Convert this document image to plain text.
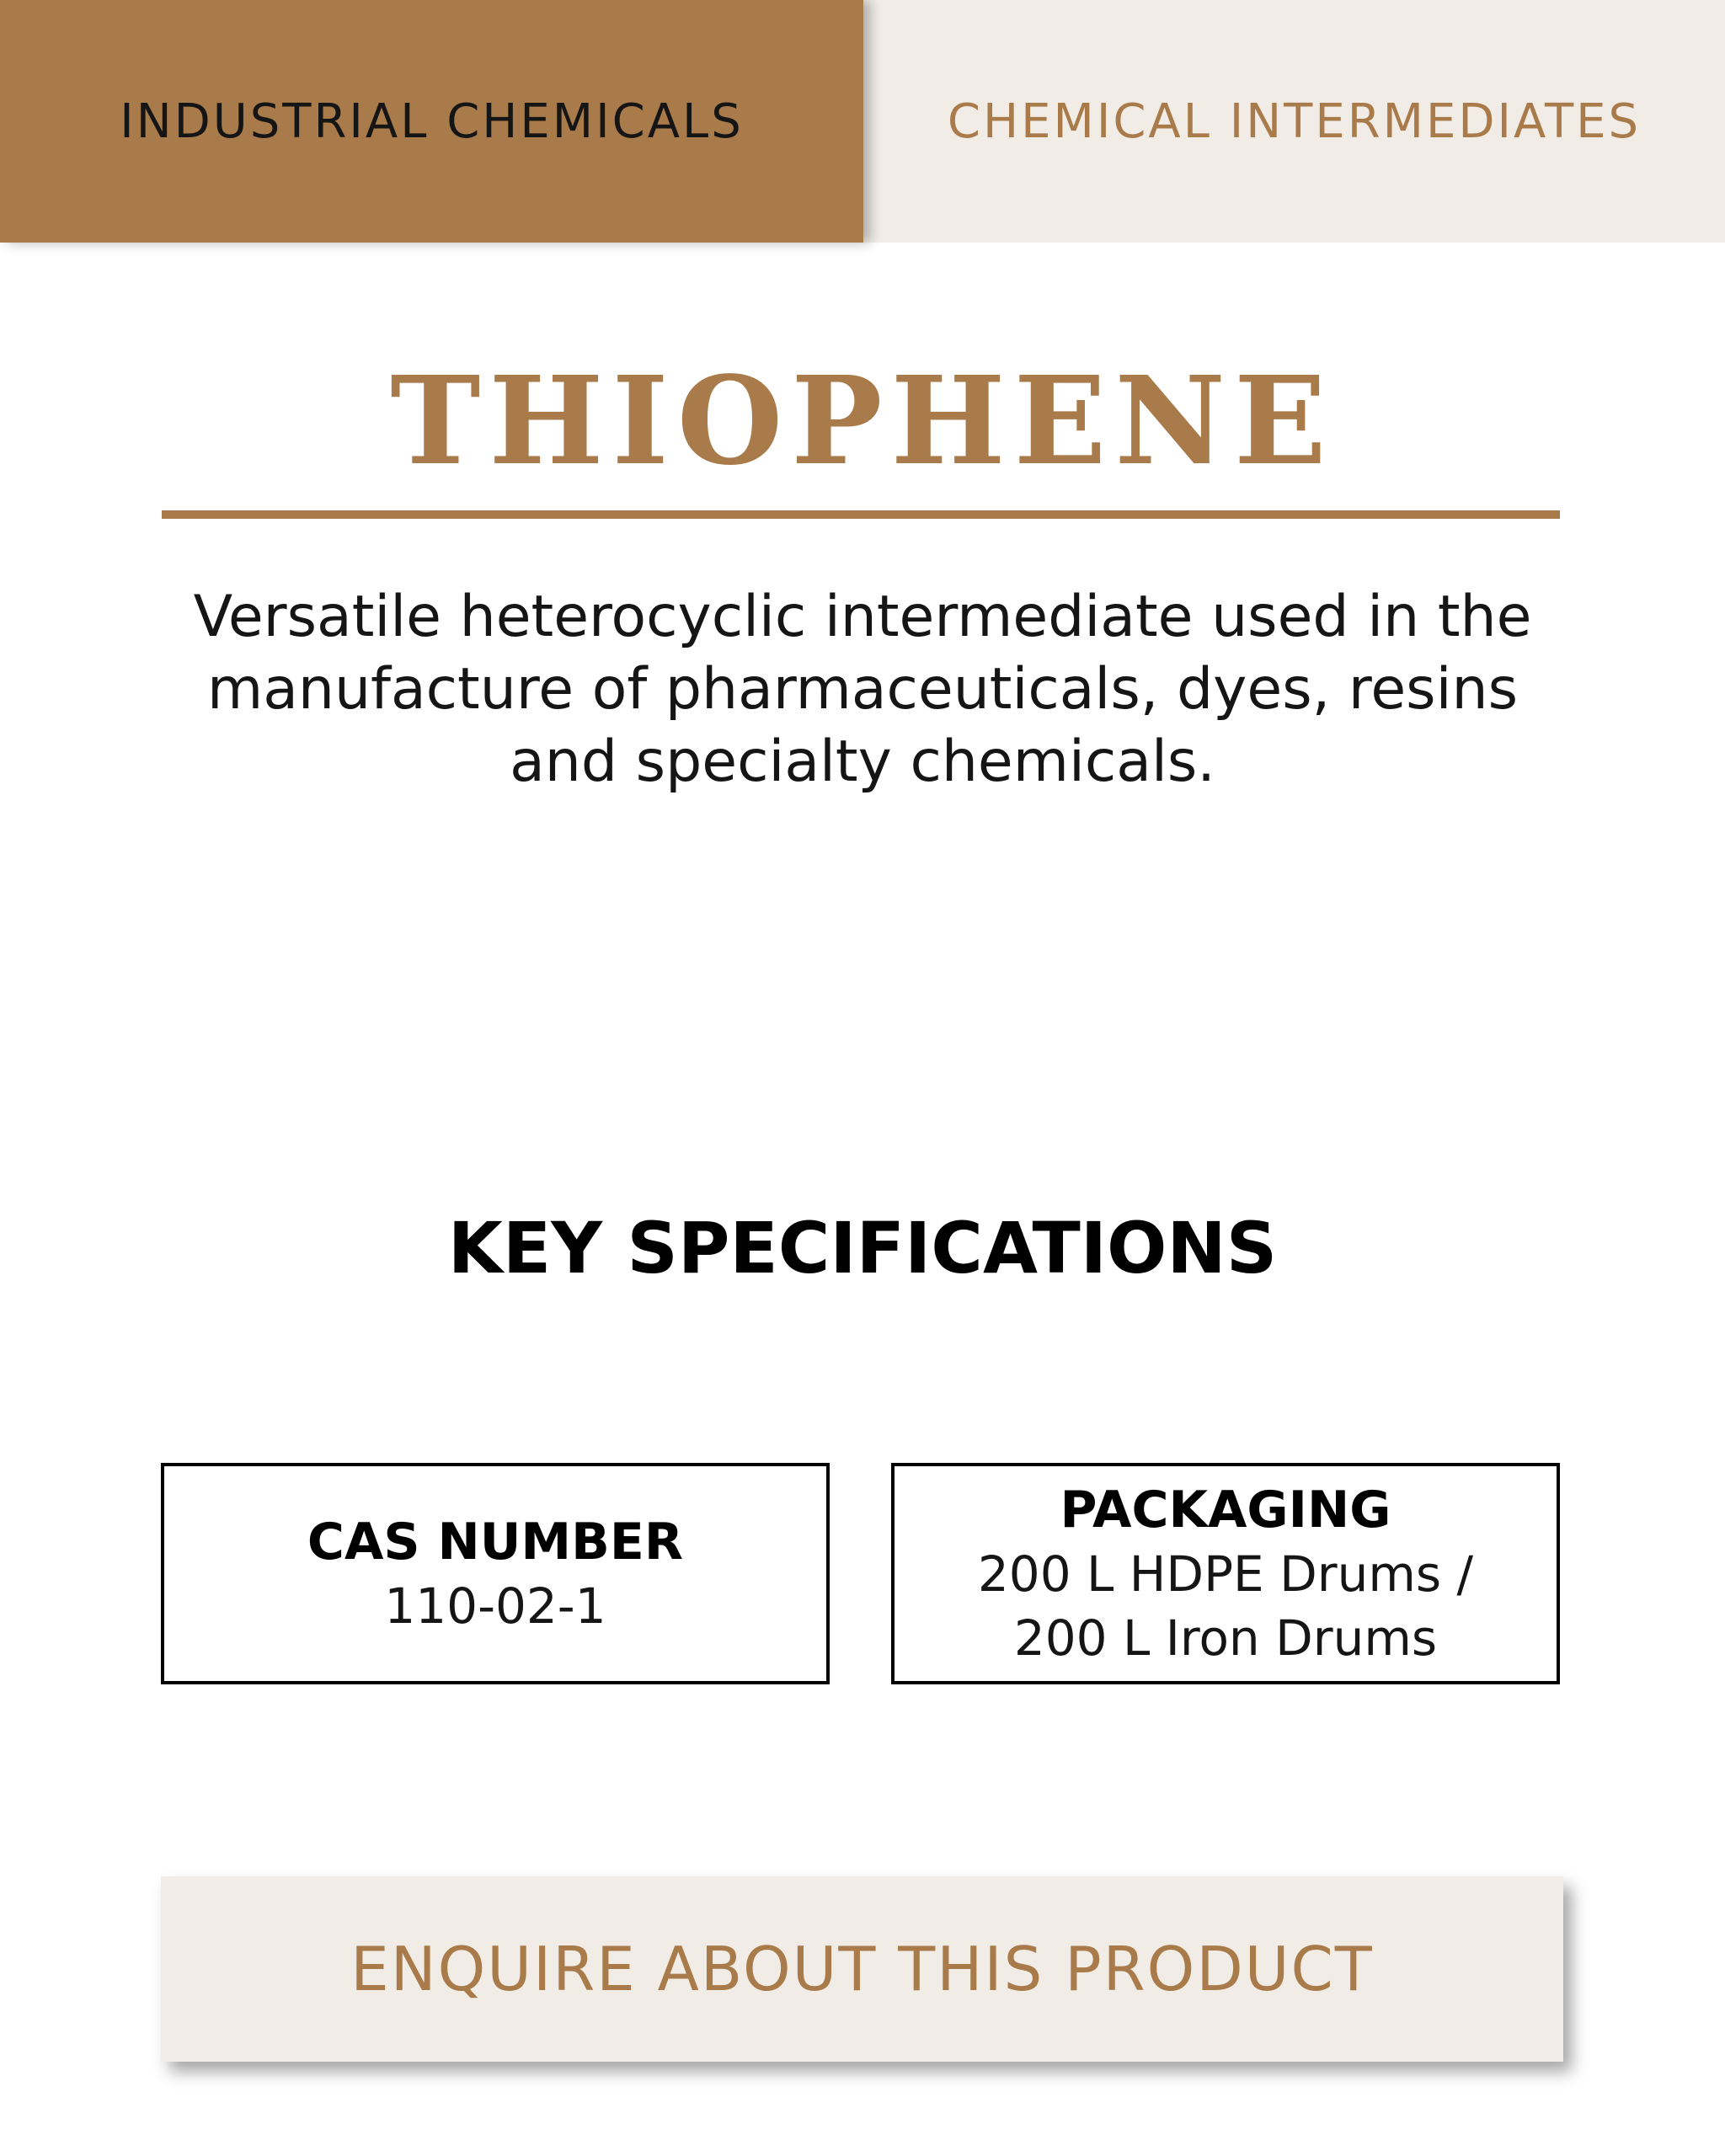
INDUSTRIAL CHEMICALS	CHEMICAL INTERMEDIATES
THIOPHENE

Versatile heterocyclic intermediate used in the manufacture of pharmaceuticals, dyes, resins and specialty chemicals.

KEY SPECIFICATIONS
CAS NUMBER
110-02-1
PACKAGING
200 L HDPE Drums /
200 L Iron Drums
ENQUIRE ABOUT THIS PRODUCT
